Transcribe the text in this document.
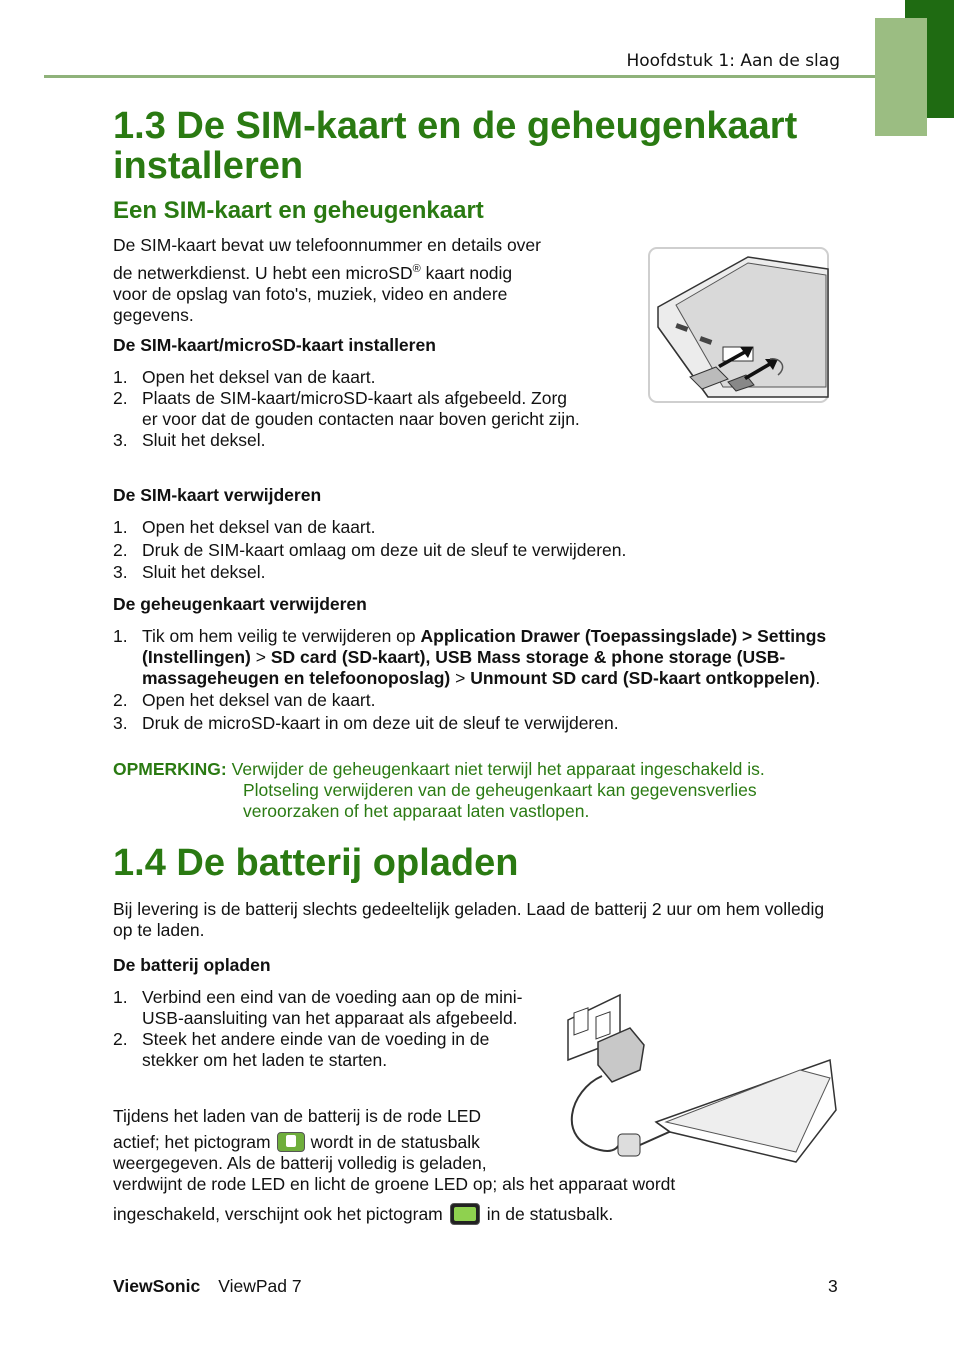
Hoofdstuk 1: Aan de slag
1.3 De SIM-kaart en de geheugenkaart installeren
Een SIM-kaart en geheugenkaart
De SIM-kaart bevat uw telefoonnummer en details over
de netwerkdienst. U hebt een microSD® kaart nodig
voor de opslag van foto's, muziek, video en andere
gegevens.
De SIM-kaart/microSD-kaart installeren
1. Open het deksel van de kaart.
2. Plaats de SIM-kaart/microSD-kaart als afgebeeld. Zorg er voor dat de gouden contacten naar boven gericht zijn.
3. Sluit het deksel.
De SIM-kaart verwijderen
1. Open het deksel van de kaart.
2. Druk de SIM-kaart omlaag om deze uit de sleuf te verwijderen.
3. Sluit het deksel.
De geheugenkaart verwijderen
1. Tik om hem veilig te verwijderen op Application Drawer (Toepassingslade) > Settings (Instellingen) > SD card (SD-kaart), USB Mass storage & phone storage (USB-massageheugen en telefoonoposlag) > Unmount SD card (SD-kaart ontkoppelen).
2. Open het deksel van de kaart.
3. Druk de microSD-kaart in om deze uit de sleuf te verwijderen.
OPMERKING: Verwijder de geheugenkaart niet terwijl het apparaat ingeschakeld is.
Plotseling verwijderen van de geheugenkaart kan gegevensverlies
veroorzaken of het apparaat laten vastlopen.
1.4 De batterij opladen
Bij levering is de batterij slechts gedeeltelijk geladen. Laad de batterij 2 uur om hem volledig op te laden.
De batterij opladen
1. Verbind een eind van de voeding aan op de mini-USB-aansluiting van het apparaat als afgebeeld.
2. Steek het andere einde van de voeding in de stekker om het laden te starten.
Tijdens het laden van de batterij is de rode LED
actief; het pictogram wordt in de statusbalk
weergegeven. Als de batterij volledig is geladen,
verdwijnt de rode LED en licht de groene LED op; als het apparaat wordt
ingeschakeld, verschijnt ook het pictogram	in de statusbalk.
ViewSonic ViewPad 7	3
